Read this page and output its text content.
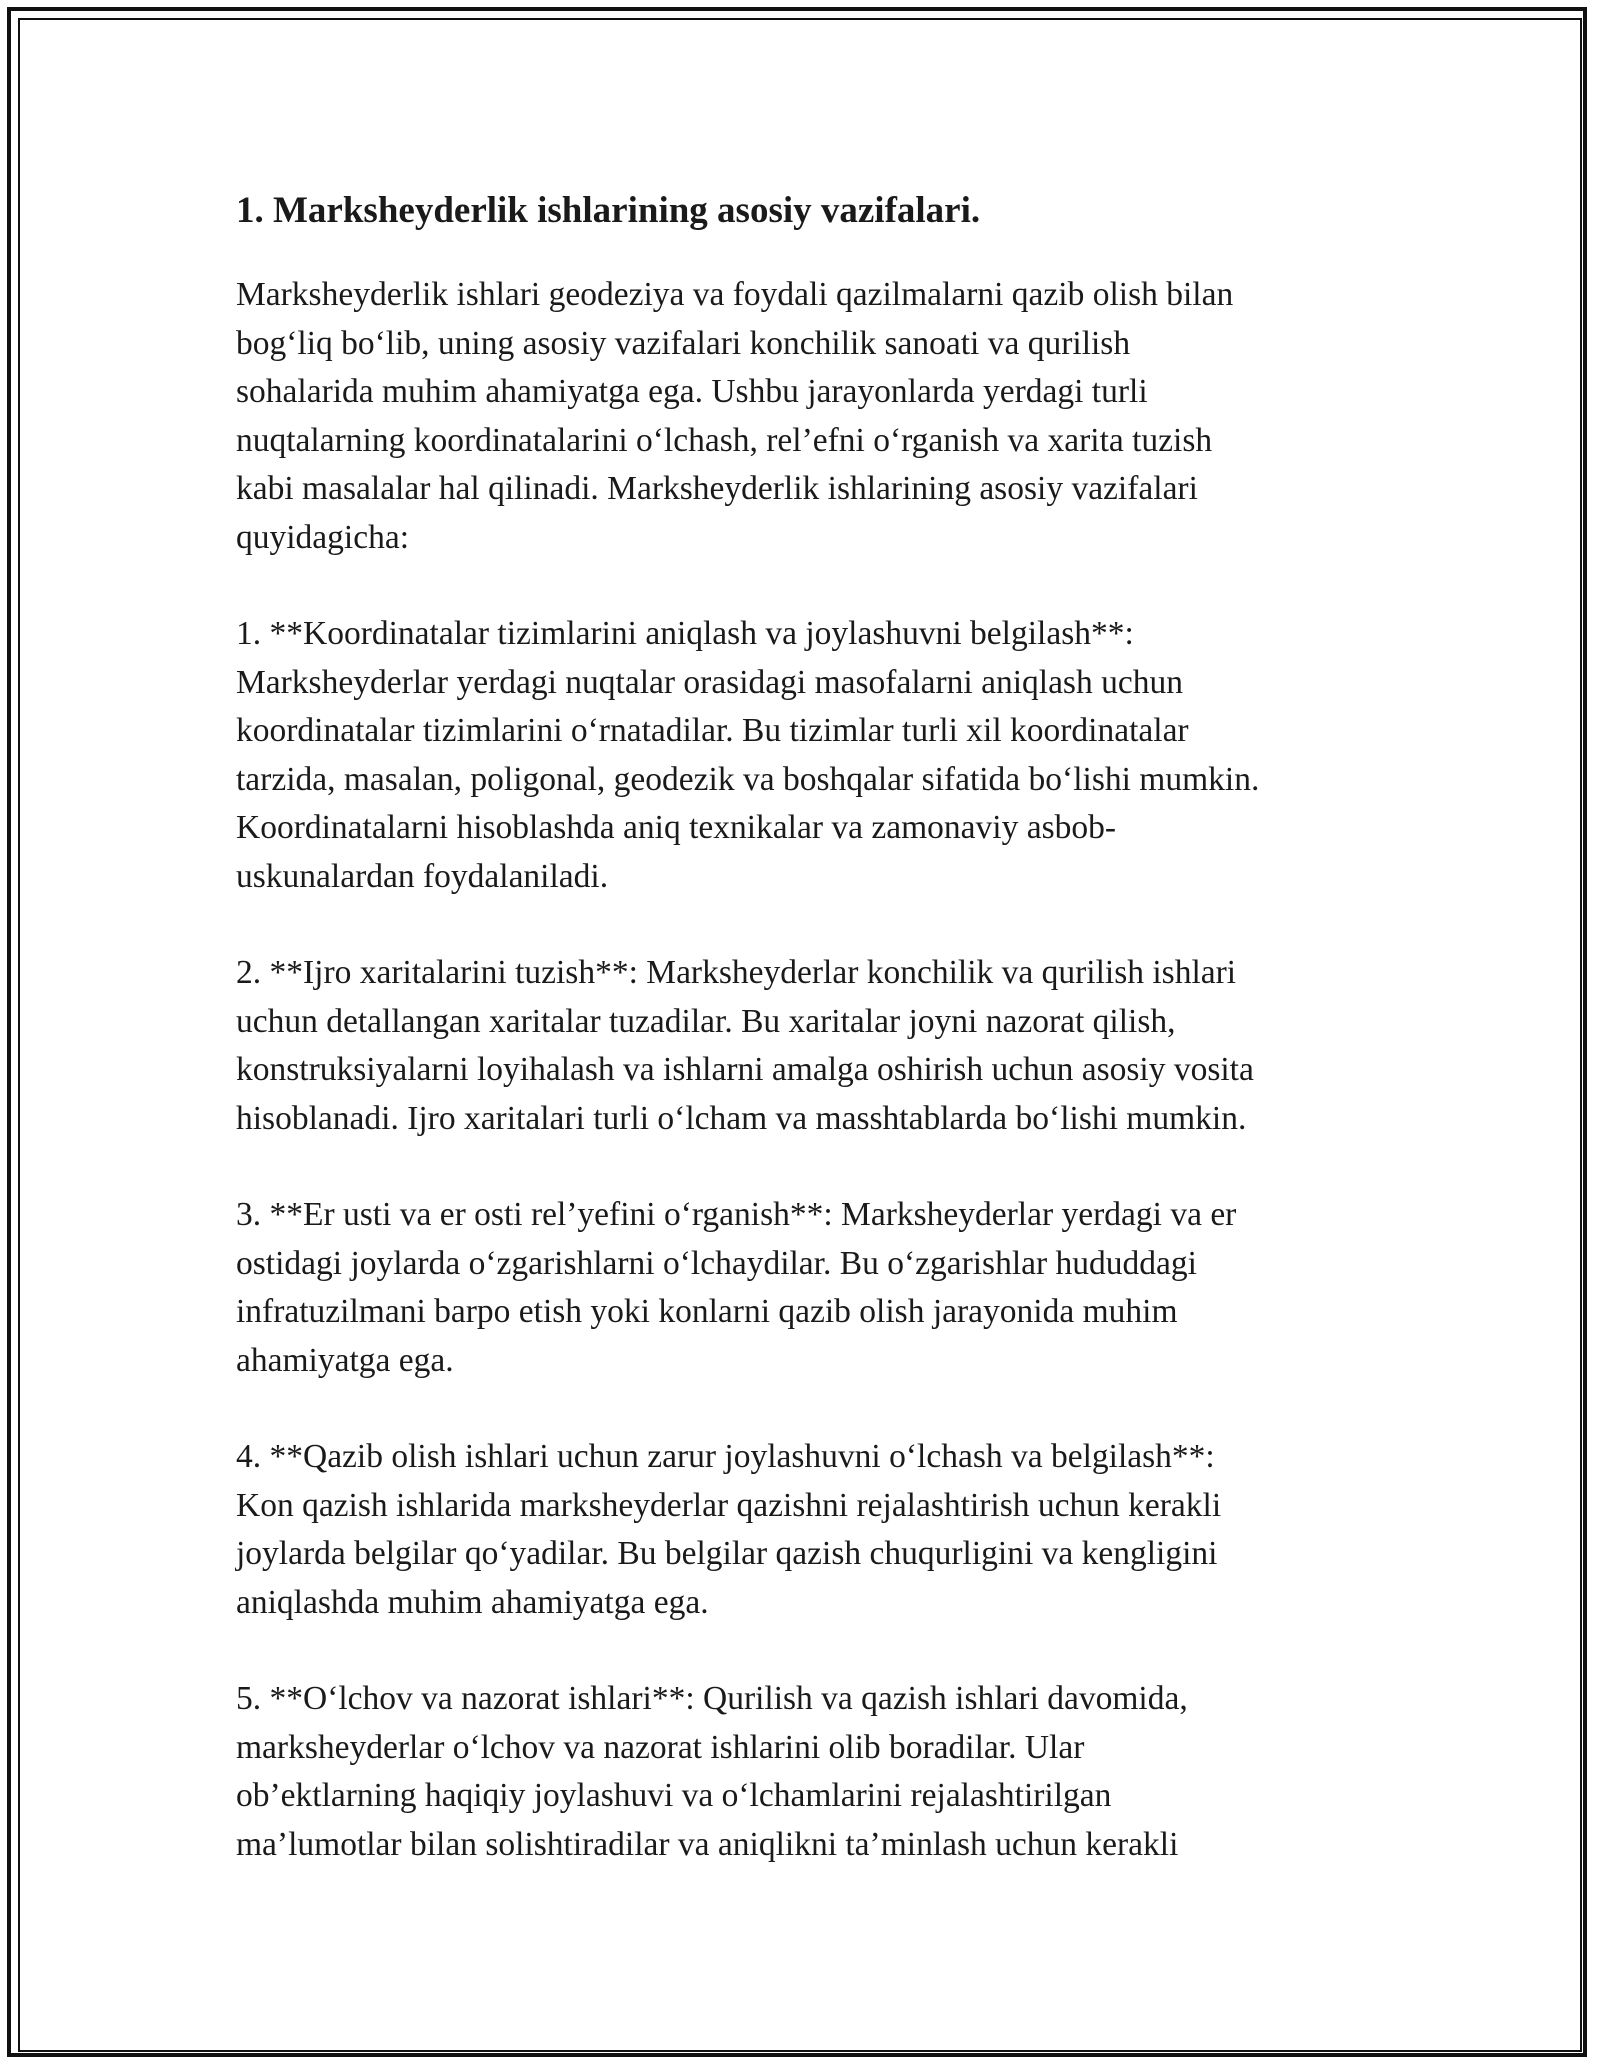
1. Marksheyderlik ishlarining asosiy vazifalari.

Marksheyderlik ishlari geodeziya va foydali qazilmalarni qazib olish bilan
bog‘liq bo‘lib, uning asosiy vazifalari konchilik sanoati va qurilish
sohalarida muhim ahamiyatga ega. Ushbu jarayonlarda yerdagi turli
nuqtalarning koordinatalarini o‘lchash, rel’efni o‘rganish va xarita tuzish
kabi masalalar hal qilinadi. Marksheyderlik ishlarining asosiy vazifalari
quyidagicha:

1. **Koordinatalar tizimlarini aniqlash va joylashuvni belgilash**:
Marksheyderlar yerdagi nuqtalar orasidagi masofalarni aniqlash uchun
koordinatalar tizimlarini o‘rnatadilar. Bu tizimlar turli xil koordinatalar
tarzida, masalan, poligonal, geodezik va boshqalar sifatida bo‘lishi mumkin.
Koordinatalarni hisoblashda aniq texnikalar va zamonaviy asbob-
uskunalardan foydalaniladi.

2. **Ijro xaritalarini tuzish**: Marksheyderlar konchilik va qurilish ishlari
uchun detallangan xaritalar tuzadilar. Bu xaritalar joyni nazorat qilish,
konstruksiyalarni loyihalash va ishlarni amalga oshirish uchun asosiy vosita
hisoblanadi. Ijro xaritalari turli o‘lcham va masshtablarda bo‘lishi mumkin.

3. **Er usti va er osti rel’yefini o‘rganish**: Marksheyderlar yerdagi va er
ostidagi joylarda o‘zgarishlarni o‘lchaydilar. Bu o‘zgarishlar hududdagi
infratuzilmani barpo etish yoki konlarni qazib olish jarayonida muhim
ahamiyatga ega.

4. **Qazib olish ishlari uchun zarur joylashuvni o‘lchash va belgilash**:
Kon qazish ishlarida marksheyderlar qazishni rejalashtirish uchun kerakli
joylarda belgilar qo‘yadilar. Bu belgilar qazish chuqurligini va kengligini
aniqlashda muhim ahamiyatga ega.

5. **O‘lchov va nazorat ishlari**: Qurilish va qazish ishlari davomida,
marksheyderlar o‘lchov va nazorat ishlarini olib boradilar. Ular
ob’ektlarning haqiqiy joylashuvi va o‘lchamlarini rejalashtirilgan
ma’lumotlar bilan solishtiradilar va aniqlikni ta’minlash uchun kerakli
